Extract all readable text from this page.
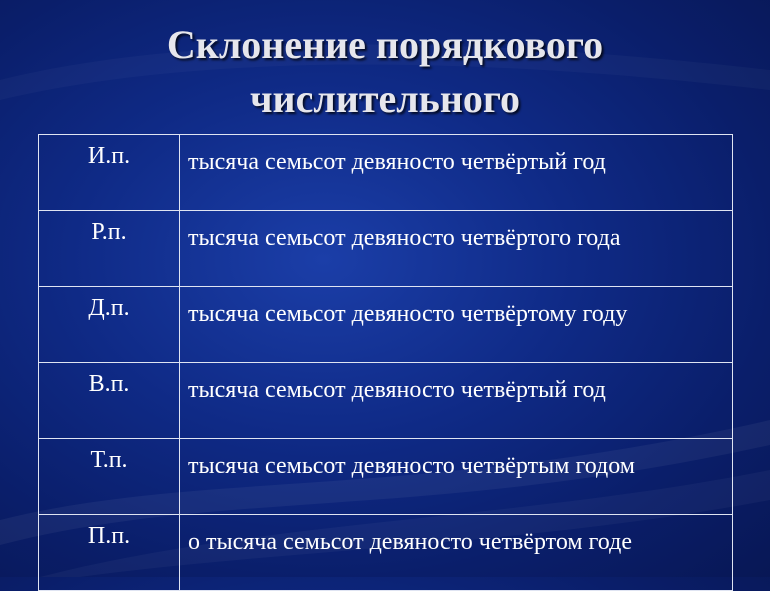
Склонение порядкового
числительного
И.п.	тысяча семьсот девяносто четвёртый год
Р.п.	тысяча семьсот девяносто четвёртого года
Д.п.	тысяча семьсот девяносто четвёртому году
В.п.	тысяча семьсот девяносто четвёртый год
Т.п.	тысяча семьсот девяносто четвёртым годом
П.п.	о тысяча семьсот девяносто четвёртом годе
